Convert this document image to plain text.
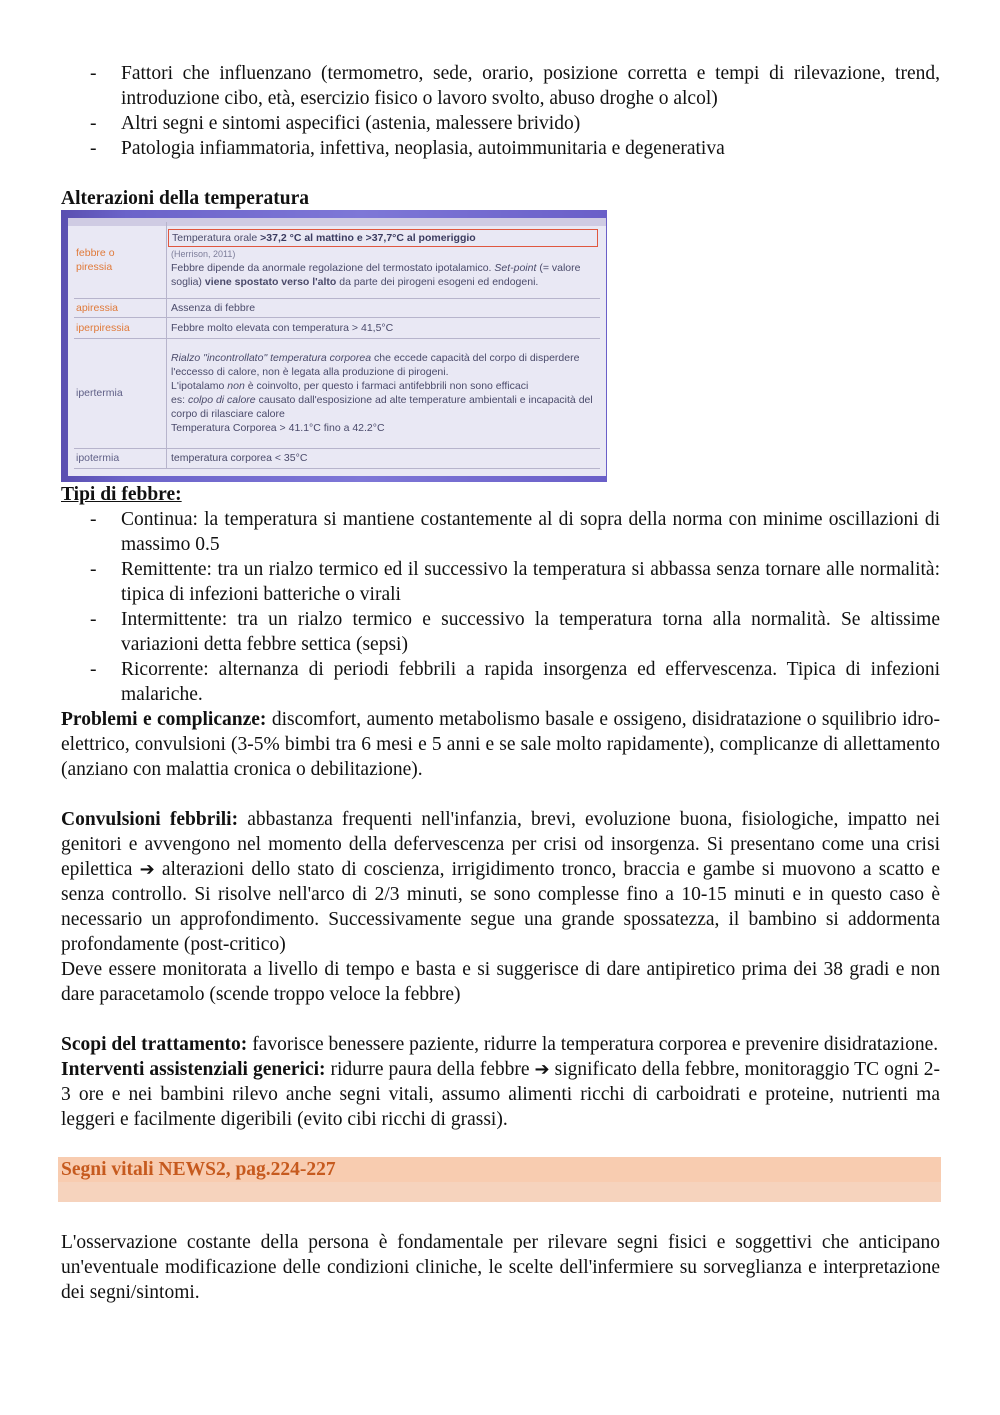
- Fattori che influenzano (termometro, sede, orario, posizione corretta e tempi di rilevazione, trend, introduzione cibo, età, esercizio fisico o lavoro svolto, abuso droghe o alcol)
- Altri segni e sintomi aspecifici (astenia, malessere brivido)
- Patologia infiammatoria, infettiva, neoplasia, autoimmunitaria e degenerativa

Alterazioni della temperatura

febbre o
piressia	Temperatura orale >37,2 °C al mattino e >37,7°C al pomeriggio
(Herrison, 2011)
Febbre dipende da anormale regolazione del termostato ipotalamico. Set-point (= valore soglia) viene spostato verso l'alto da parte dei pirogeni esogeni ed endogeni.
apiressia	Assenza di febbre
iperpiressia	Febbre molto elevata con temperatura > 41,5°C
ipertermia	Rialzo "incontrollato" temperatura corporea che eccede capacità del corpo di disperdere l'eccesso di calore, non è legata alla produzione di pirogeni.
L'ipotalamo non è coinvolto, per questo i farmaci antifebbrili non sono efficaci
es: colpo di calore causato dall'esposizione ad alte temperature ambientali e incapacità del corpo di rilasciare calore
Temperatura Corporea > 41.1°C fino a 42.2°C
ipotermia	temperatura corporea < 35°C

Tipi di febbre:

- Continua: la temperatura si mantiene costantemente al di sopra della norma con minime oscillazioni di massimo 0.5
- Remittente: tra un rialzo termico ed il successivo la temperatura si abbassa senza tornare alle normalità: tipica di infezioni batteriche o virali
- Intermittente: tra un rialzo termico e successivo la temperatura torna alla normalità. Se altissime variazioni detta febbre settica (sepsi)
- Ricorrente: alternanza di periodi febbrili a rapida insorgenza ed effervescenza. Tipica di infezioni malariche.

Problemi e complicanze: discomfort, aumento metabolismo basale e ossigeno, disidratazione o squilibrio idro-elettrico, convulsioni (3-5% bimbi tra 6 mesi e 5 anni e se sale molto rapidamente), complicanze di allettamento (anziano con malattia cronica o debilitazione).

Convulsioni febbrili: abbastanza frequenti nell'infanzia, brevi, evoluzione buona, fisiologiche, impatto nei genitori e avvengono nel momento della defervescenza per crisi od insorgenza. Si presentano come una crisi epilettica ➔ alterazioni dello stato di coscienza, irrigidimento tronco, braccia e gambe si muovono a scatto e senza controllo. Si risolve nell'arco di 2/3 minuti, se sono complesse fino a 10-15 minuti e in questo caso è necessario un approfondimento. Successivamente segue una grande spossatezza, il bambino si addormenta profondamente (post-critico)

Deve essere monitorata a livello di tempo e basta e si suggerisce di dare antipiretico prima dei 38 gradi e non dare paracetamolo (scende troppo veloce la febbre)

Scopi del trattamento: favorisce benessere paziente, ridurre la temperatura corporea e prevenire disidratazione.

Interventi assistenziali generici: ridurre paura della febbre ➔ significato della febbre, monitoraggio TC ogni 2-3 ore e nei bambini rilevo anche segni vitali, assumo alimenti ricchi di carboidrati e proteine, nutrienti ma leggeri e facilmente digeribili (evito cibi ricchi di grassi).

Segni vitali NEWS2, pag.224-227

L'osservazione costante della persona è fondamentale per rilevare segni fisici e soggettivi che anticipano un'eventuale modificazione delle condizioni cliniche, le scelte dell'infermiere su sorveglianza e interpretazione dei segni/sintomi.
